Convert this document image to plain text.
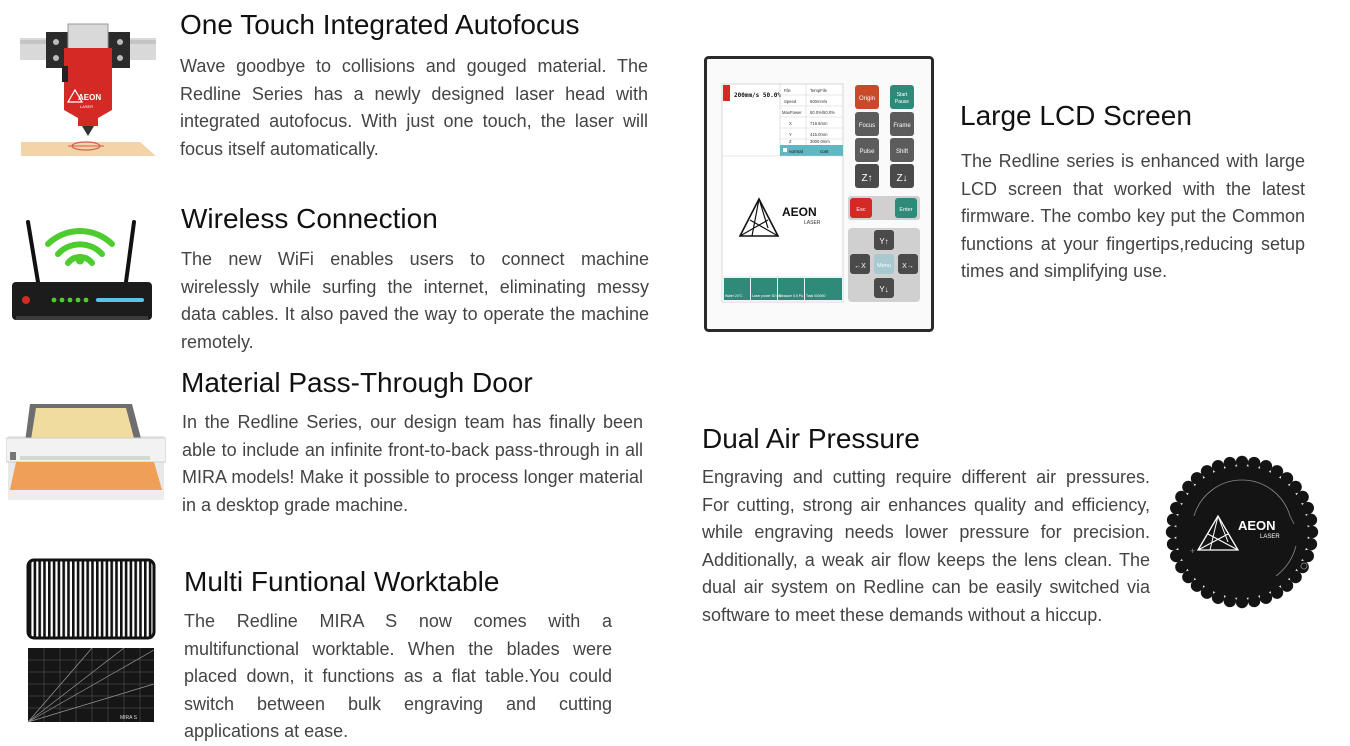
AEON
LASER
One Touch Integrated Autofocus

Wave goodbye to collisions and gouged material. The Redline Series has a newly designed laser head with integrated autofocus. With just one touch, the laser will focus itself automatically.

Wireless Connection

The new WiFi enables users to connect machine wirelessly while surfing the internet, eliminating messy data cables. It also paved the way to operate the machine remotely.

Material Pass-Through Door

In the Redline Series, our design team has finally been able to include an infinite front-to-back pass-through in all MIRA models! Make it possible to process longer material in a desktop grade machine.

MIRA S
Multi Funtional Worktable

The Redline MIRA S now comes with a multifunctional worktable. When the blades were placed down, it functions as a flat table.You could switch between bulk engraving and cutting applications at ease.

200mm/s 50.0%
File	TempFile
Speed	500mm/s
MaxPower 50.0%/50.0%
X	719.6mm
Y	415.0mm
Z	3000.0mm
normal	cont
AEON
LASER
Water 24°C	Laser power 30 mA
Measure 5.5 Pa Total 000000
Origin
Start
Pause
Focus	Frame
Pulse	Shift
Z↑ Z↓
Esc	Enter
Y↑
←X Menu X→
Y↓
Large LCD Screen

The Redline series is enhanced with large LCD screen that worked with the latest firmware. The combo key put the Common functions at your fingertips,reducing setup times and simplifying use.

Dual Air Pressure

Engraving and cutting require different air pressures. For cutting, strong air enhances quality and efficiency, while engraving needs lower pressure for precision. Additionally, a weak air flow keeps the lens clean. The dual air system on Redline can be easily switched via software to meet these demands without a hiccup.

+
AEON
LASER
